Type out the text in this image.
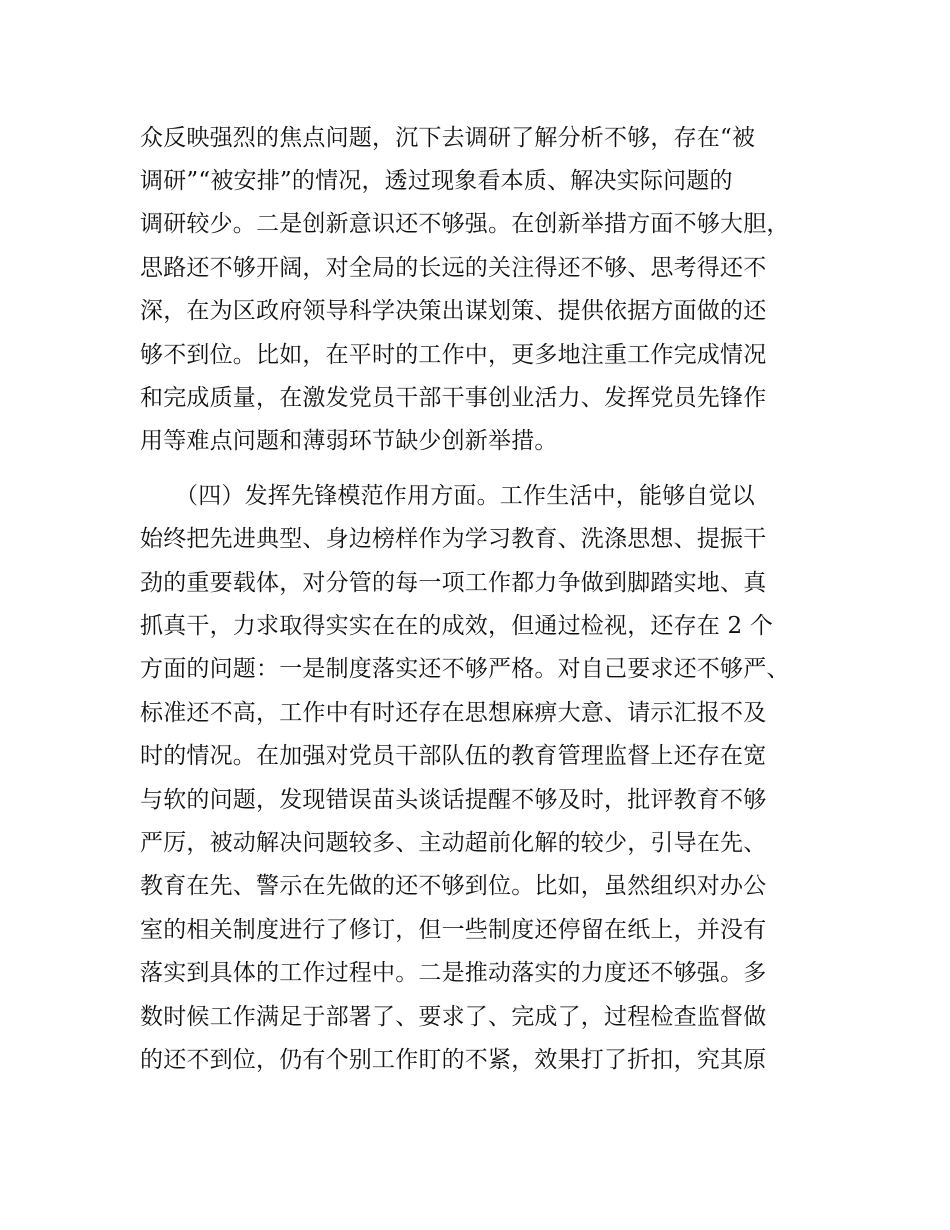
众反映强烈的焦点问题，沉下去调研了解分析不够，存在“被
调研”“被安排”的情况，透过现象看本质、解决实际问题的
调研较少。二是创新意识还不够强。在创新举措方面不够大胆，
思路还不够开阔，对全局的长远的关注得还不够、思考得还不
深，在为区政府领导科学决策出谋划策、提供依据方面做的还
够不到位。比如，在平时的工作中，更多地注重工作完成情况
和完成质量，在激发党员干部干事创业活力、发挥党员先锋作
用等难点问题和薄弱环节缺少创新举措。
（四）发挥先锋模范作用方面。工作生活中，能够自觉以
始终把先进典型、身边榜样作为学习教育、洗涤思想、提振干
劲的重要载体，对分管的每一项工作都力争做到脚踏实地、真
抓真干，力求取得实实在在的成效，但通过检视，还存在 2 个
方面的问题：一是制度落实还不够严格。对自己要求还不够严、
标准还不高，工作中有时还存在思想麻痹大意、请示汇报不及
时的情况。在加强对党员干部队伍的教育管理监督上还存在宽
与软的问题，发现错误苗头谈话提醒不够及时，批评教育不够
严厉，被动解决问题较多、主动超前化解的较少，引导在先、
教育在先、警示在先做的还不够到位。比如，虽然组织对办公
室的相关制度进行了修订，但一些制度还停留在纸上，并没有
落实到具体的工作过程中。二是推动落实的力度还不够强。多
数时候工作满足于部署了、要求了、完成了，过程检查监督做
的还不到位，仍有个别工作盯的不紧，效果打了折扣，究其原
